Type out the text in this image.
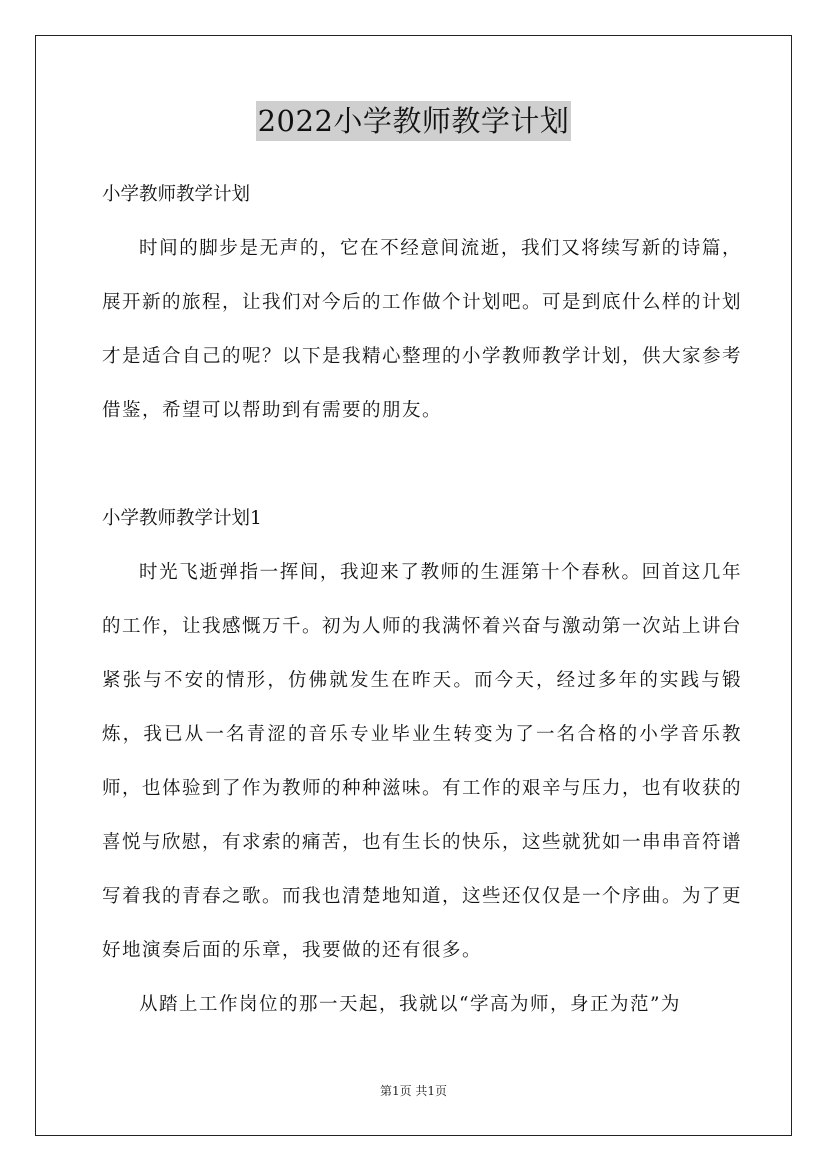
2022小学教师教学计划

小学教师教学计划

时间的脚步是无声的，它在不经意间流逝，我们又将续写新的诗篇，展开新的旅程，让我们对今后的工作做个计划吧。可是到底什么样的计划才是适合自己的呢？以下是我精心整理的小学教师教学计划，供大家参考借鉴，希望可以帮助到有需要的朋友。

小学教师教学计划1

时光飞逝弹指一挥间，我迎来了教师的生涯第十个春秋。回首这几年的工作，让我感慨万千。初为人师的我满怀着兴奋与激动第一次站上讲台紧张与不安的情形，仿佛就发生在昨天。而今天，经过多年的实践与锻炼，我已从一名青涩的音乐专业毕业生转变为了一名合格的小学音乐教师，也体验到了作为教师的种种滋味。有工作的艰辛与压力，也有收获的喜悦与欣慰，有求索的痛苦，也有生长的快乐，这些就犹如一串串音符谱写着我的青春之歌。而我也清楚地知道，这些还仅仅是一个序曲。为了更好地演奏后面的乐章，我要做的还有很多。

从踏上工作岗位的那一天起，我就以“学高为师，身正为范”为

第1页 共1页
